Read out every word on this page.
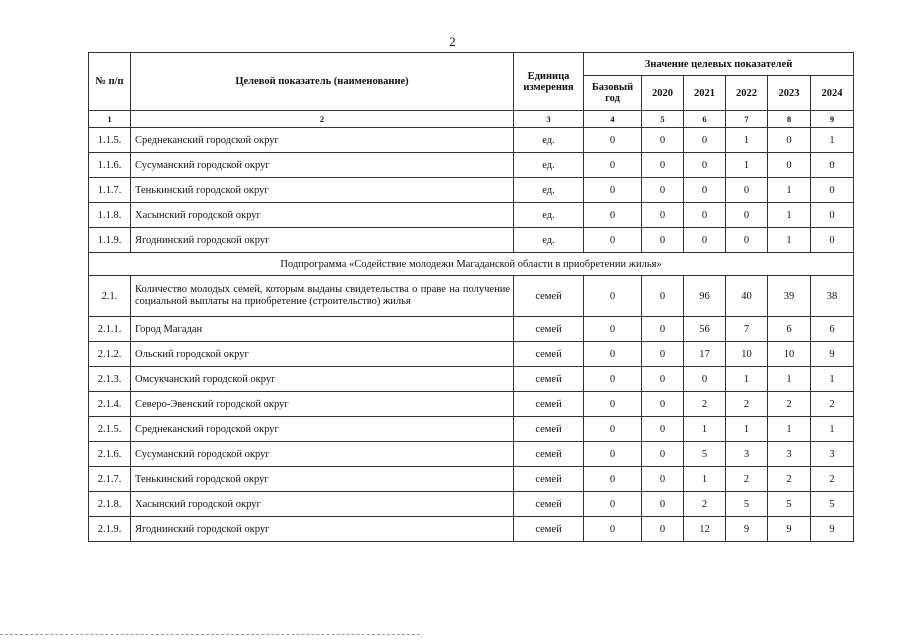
2
№ п/п	Целевой показатель (наименование)	Единица измерения	Значение целевых показателей					
			Базовый год	2020	2021	2022	2023	2024
1	2	3	4	5	6	7	8	9
1.1.5.	Среднеканский городской округ	ед.	0	0	0	1	0	1
1.1.6.	Сусуманский городской округ	ед.	0	0	0	1	0	0
1.1.7.	Тенькинский городской округ	ед.	0	0	0	0	1	0
1.1.8.	Хасынский городской округ	ед.	0	0	0	0	1	0
1.1.9.	Ягоднинский городской округ	ед.	0	0	0	0	1	0
Подпрограмма «Содействие молодежи Магаданской области в приобретении жилья»								
2.1.	Количество молодых семей, которым выданы свидетельства о праве на получение социальной выплаты на приобретение (строительство) жилья	семей	0	0	96	40	39	38
2.1.1.	Город Магадан	семей	0	0	56	7	6	6
2.1.2.	Ольский городской округ	семей	0	0	17	10	10	9
2.1.3.	Омсукчанский городской округ	семей	0	0	0	1	1	1
2.1.4.	Северо-Эвенский городской округ	семей	0	0	2	2	2	2
2.1.5.	Среднеканский городской округ	семей	0	0	1	1	1	1
2.1.6.	Сусуманский городской округ	семей	0	0	5	3	3	3
2.1.7.	Тенькинский городской округ	семей	0	0	1	2	2	2
2.1.8.	Хасынский городской округ	семей	0	0	2	5	5	5
2.1.9.	Ягоднинский городской округ	семей	0	0	12	9	9	9
